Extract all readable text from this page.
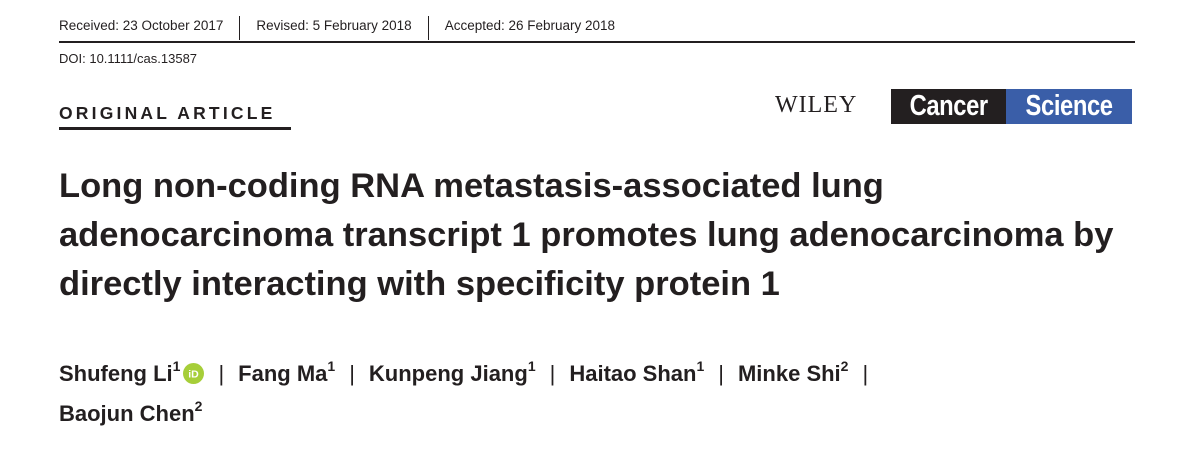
Received: 23 October 2017 Revised: 5 February 2018 Accepted: 26 February 2018
DOI: 10.1111/cas.13587
ORIGINAL ARTICLE	WILEY Cancer Science
Long non-coding RNA metastasis-associated lung adenocarcinoma transcript 1 promotes lung adenocarcinoma by directly interacting with specificity protein 1
Shufeng Li$^1$
iD | Fang Ma$^1$ | Kunpeng Jiang$^1$ | Haitao Shan$^1$ | Minke Shi$^2$ |
Baojun Chen$^2$
